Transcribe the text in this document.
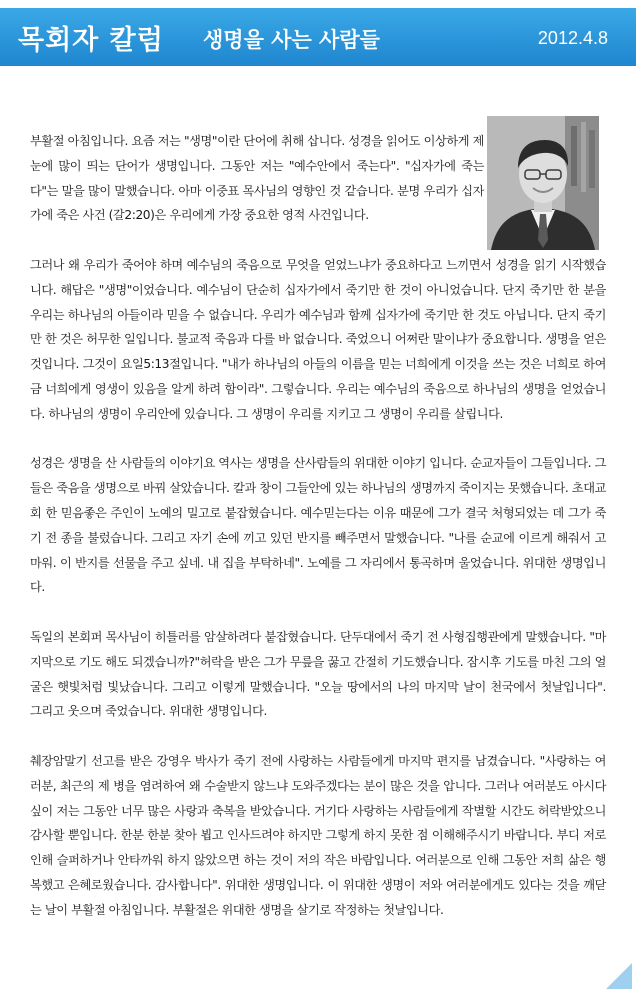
목회자 칼럼 생명을 사는 사람들	2012.4.8

부활절 아침입니다. 요즘 저는 "생명"이란 단어에 취해 삽니다. 성경을 읽어도 이상하게 제 눈에 많이 띄는 단어가 생명입니다. 그동안 저는 "예수안에서 죽는다". "십자가에 죽는다"는 말을 많이 말했습니다. 아마 이중표 목사님의 영향인 것 같습니다. 분명 우리가 십자가에 죽은 사건 (갈2:20)은 우리에게 가장 중요한 영적 사건입니다.

그러나 왜 우리가 죽어야 하며 예수님의 죽음으로 무엇을 얻었느냐가 중요하다고 느끼면서 성경을 읽기 시작했습니다. 해답은 "생명"이었습니다. 예수님이 단순히 십자가에서 죽기만 한 것이 아니었습니다. 단지 죽기만 한 분을 우리는 하나님의 아들이라 믿을 수 없습니다. 우리가 예수님과 함께 십자가에 죽기만 한 것도 아닙니다. 단지 죽기만 한 것은 허무한 일입니다. 불교적 죽음과 다를 바 없습니다. 죽었으니 어쩌란 말이냐가 중요합니다. 생명을 얻은 것입니다. 그것이 요일5:13절입니다. "내가 하나님의 아들의 이름을 믿는 너희에게 이것을 쓰는 것은 너희로 하여금 너희에게 영생이 있음을 알게 하려 함이라". 그렇습니다. 우리는 예수님의 죽음으로 하나님의 생명을 얻었습니다. 하나님의 생명이 우리안에 있습니다. 그 생명이 우리를 지키고 그 생명이 우리를 살립니다.

성경은 생명을 산 사람들의 이야기요 역사는 생명을 산사람들의 위대한 이야기 입니다. 순교자들이 그들입니다. 그들은 죽음을 생명으로 바꿔 살았습니다. 칼과 창이 그들안에 있는 하나님의 생명까지 죽이지는 못했습니다. 초대교회 한 믿음좋은 주인이 노예의 밀고로 붙잡혔습니다. 예수믿는다는 이유 때문에 그가 결국 처형되었는 데 그가 죽기 전 종을 불렀습니다. 그리고 자기 손에 끼고 있던 반지를 빼주면서 말했습니다. "나를 순교에 이르게 해줘서 고마워. 이 반지를 선물을 주고 싶네. 내 집을 부탁하네". 노예를 그 자리에서 통곡하며 울었습니다. 위대한 생명입니다.

독일의 본회퍼 목사님이 히틀러를 암살하려다 붙잡혔습니다. 단두대에서 죽기 전 사형집행관에게 말했습니다. "마지막으로 기도 해도 되겠습니까?"허락을 받은 그가 무릎을 꿇고 간절히 기도했습니다. 잠시후 기도를 마친 그의 얼굴은 햇빛처럼 빛났습니다. 그리고 이렇게 말했습니다. "오늘 땅에서의 나의 마지막 날이 천국에서 첫날입니다". 그리고 웃으며 죽었습니다. 위대한 생명입니다.

췌장암말기 선고를 받은 강영우 박사가 죽기 전에 사랑하는 사람들에게 마지막 편지를 남겼습니다. "사랑하는 여러분, 최근의 제 병을 염려하여 왜 수술받지 않느냐 도와주겠다는 분이 많은 것을 압니다. 그러나 여러분도 아시다 싶이 저는 그동안 너무 많은 사랑과 축복을 받았습니다. 거기다 사랑하는 사람들에게 작별할 시간도 허락받았으니 감사할 뿐입니다. 한분 한분 찾아 뵙고 인사드려야 하지만 그렇게 하지 못한 점 이해해주시기 바랍니다. 부디 저로 인해 슬퍼하거나 안타까워 하지 않았으면 하는 것이 저의 작은 바람입니다. 여러분으로 인해 그동안 저희 삶은 행복했고 은혜로웠습니다. 감사합니다". 위대한 생명입니다. 이 위대한 생명이 저와 여러분에게도 있다는 것을 깨닫는 날이 부활절 아침입니다. 부활절은 위대한 생명을 살기로 작정하는 첫날입니다.
